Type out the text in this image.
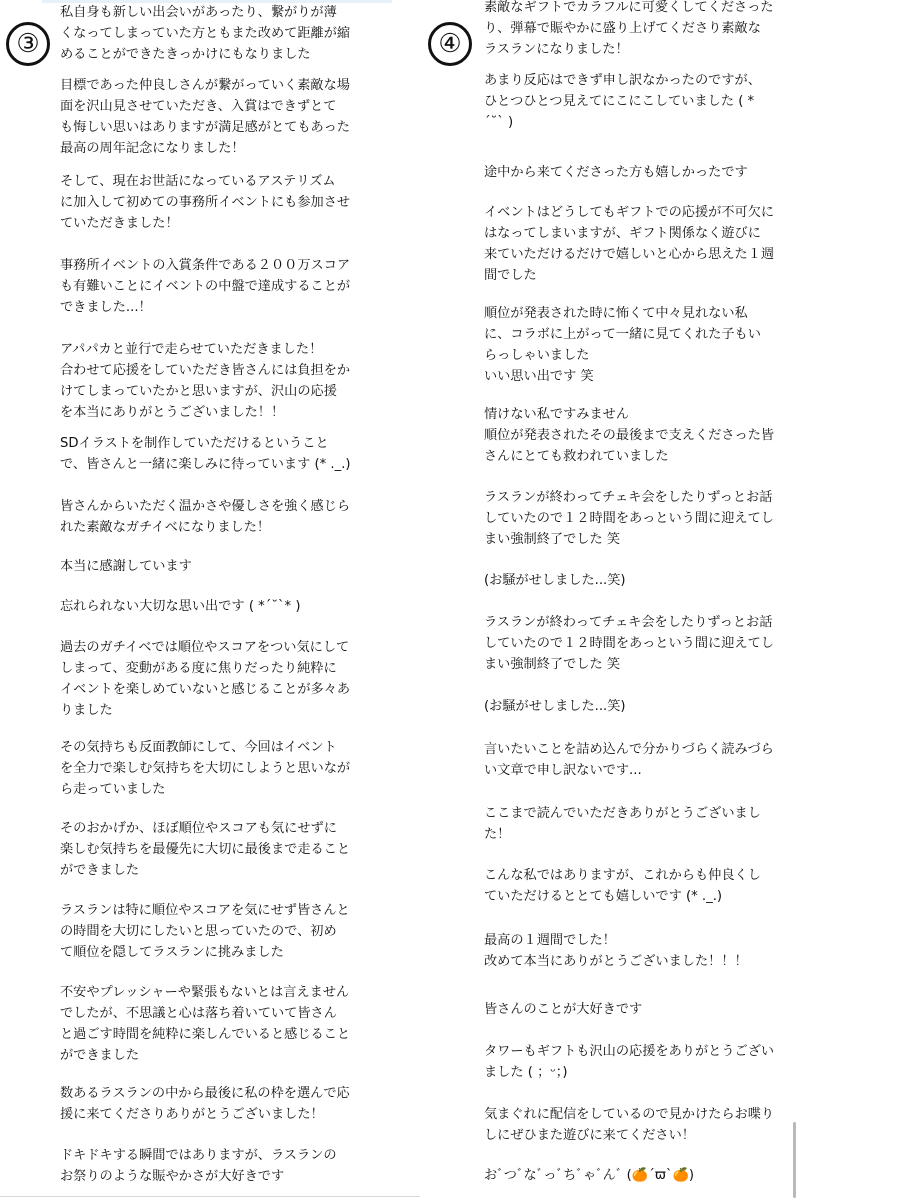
③	④
私自身も新しい出会いがあったり、繋がりが薄
くなってしまっていた方ともまた改めて距離が縮
めることができたきっかけにもなりました
目標であった仲良しさんが繋がっていく素敵な場
面を沢山見させていただき、入賞はできずとて
も悔しい思いはありますが満足感がとてもあった
最高の周年記念になりました！
そして、現在お世話になっているアステリズム
に加入して初めての事務所イベントにも参加させ
ていただきました！
事務所イベントの入賞条件である２００万スコア
も有難いことにイベントの中盤で達成することが
できました...！
アパパカと並行で走らせていただきました！
合わせて応援をしていただき皆さんには負担をか
けてしまっていたかと思いますが、沢山の応援
を本当にありがとうございました！！
SDイラストを制作していただけるということ
で、皆さんと一緒に楽しみに待っています (* ._.)
皆さんからいただく温かさや優しさを強く感じら
れた素敵なガチイベになりました！
本当に感謝しています
忘れられない大切な思い出です ( *´˘`* )
過去のガチイベでは順位やスコアをつい気にして
しまって、変動がある度に焦りだったり純粋に
イベントを楽しめていないと感じることが多々あ
りました
その気持ちも反面教師にして、今回はイベント
を全力で楽しむ気持ちを大切にしようと思いなが
ら走っていました
そのおかげか、ほぼ順位やスコアも気にせずに
楽しむ気持ちを最優先に大切に最後まで走ること
ができました
ラスランは特に順位やスコアを気にせず皆さんと
の時間を大切にしたいと思っていたので、初め
て順位を隠してラスランに挑みました
不安やプレッシャーや緊張もないとは言えません
でしたが、不思議と心は落ち着いていて皆さん
と過ごす時間を純粋に楽しんでいると感じること
ができました
数あるラスランの中から最後に私の枠を選んで応
援に来てくださりありがとうございました！
ドキドキする瞬間ではありますが、ラスランの
お祭りのような賑やかさが大好きです
素敵なギフトでカラフルに可愛くしてくださった
り、弾幕で賑やかに盛り上げてくださり素敵な
ラスランになりました！
あまり反応はできず申し訳なかったのですが、
ひとつひとつ見えてにこにこしていました ( *
´˘` )
途中から来てくださった方も嬉しかったです
イベントはどうしてもギフトでの応援が不可欠に
はなってしまいますが、ギフト関係なく遊びに
来ていただけるだけで嬉しいと心から思えた１週
間でした
順位が発表された時に怖くて中々見れない私
に、コラボに上がって一緒に見てくれた子もい
らっしゃいました
いい思い出です 笑
情けない私ですみません
順位が発表されたその最後まで支えくださった皆
さんにとても救われていました
ラスランが終わってチェキ会をしたりずっとお話
していたので１２時間をあっという間に迎えてし
まい強制終了でした 笑
(お騒がせしました...笑)
ラスランが終わってチェキ会をしたりずっとお話
していたので１２時間をあっという間に迎えてし
まい強制終了でした 笑
(お騒がせしました...笑)
言いたいことを詰め込んで分かりづらく読みづら
い文章で申し訳ないです...
ここまで読んでいただきありがとうございまし
た！
こんな私ではありますが、これからも仲良くし
ていただけるととても嬉しいです (* ._.)
最高の１週間でした！
改めて本当にありがとうございました！！！
皆さんのことが大好きです
タワーもギフトも沢山の応援をありがとうござい
ました ( ；ᵕ；)
気まぐれに配信をしているので見かけたらお喋り
しにぜひまた遊びに来てください！
おﾞつﾞなﾞっﾞちﾞゃﾞんﾞ (🍊´ϖ`🍊)
